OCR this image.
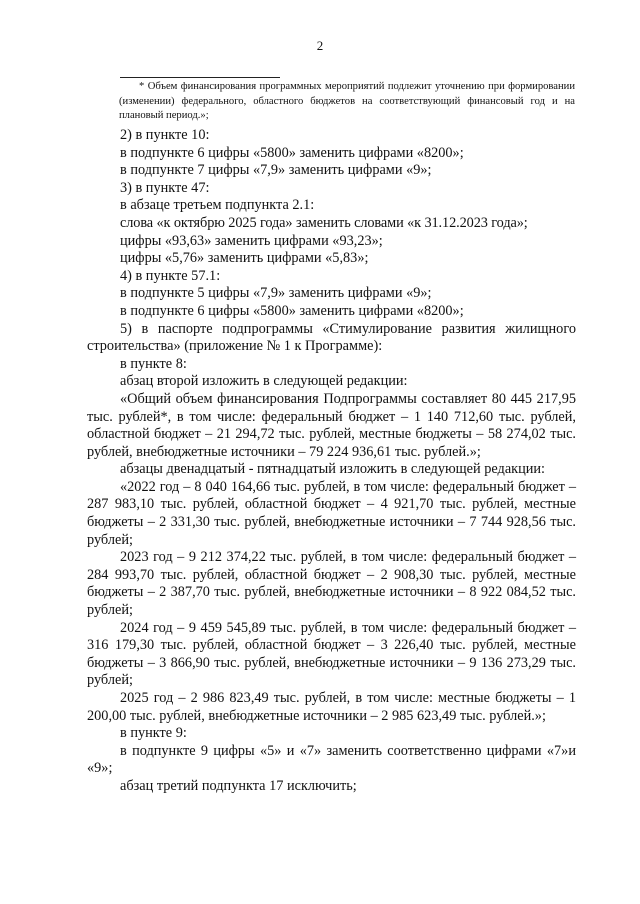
2

* Объем финансирования программных мероприятий подлежит уточнению при формировании (изменении) федерального, областного бюджетов на соответствующий финансовый год и на плановый период.»;

2) в пункте 10:

в подпункте 6 цифры «5800» заменить цифрами «8200»;

в подпункте 7 цифры «7,9» заменить цифрами «9»;

3) в пункте 47:

в абзаце третьем подпункта 2.1:

слова «к октябрю 2025 года» заменить словами «к 31.12.2023 года»;

цифры «93,63» заменить цифрами «93,23»;

цифры «5,76» заменить цифрами «5,83»;

4) в пункте 57.1:

в подпункте 5 цифры «7,9» заменить цифрами «9»;

в подпункте 6 цифры «5800» заменить цифрами «8200»;

5) в паспорте подпрограммы «Стимулирование развития жилищного строительства» (приложение № 1 к Программе):

в пункте 8:

абзац второй изложить в следующей редакции:

«Общий объем финансирования Подпрограммы составляет 80 445 217,95 тыс. рублей*, в том числе: федеральный бюджет – 1 140 712,60 тыс. рублей, областной бюджет – 21 294,72 тыс. рублей, местные бюджеты – 58 274,02 тыс. рублей, внебюджетные источники – 79 224 936,61 тыс. рублей.»;

абзацы двенадцатый - пятнадцатый изложить в следующей редакции:

«2022 год – 8 040 164,66 тыс. рублей, в том числе: федеральный бюджет – 287 983,10 тыс. рублей, областной бюджет – 4 921,70 тыс. рублей, местные бюджеты – 2 331,30 тыс. рублей, внебюджетные источники – 7 744 928,56 тыс. рублей;

2023 год – 9 212 374,22 тыс. рублей, в том числе: федеральный бюджет – 284 993,70 тыс. рублей, областной бюджет – 2 908,30 тыс. рублей, местные бюджеты – 2 387,70 тыс. рублей, внебюджетные источники – 8 922 084,52 тыс. рублей;

2024 год – 9 459 545,89 тыс. рублей, в том числе: федеральный бюджет – 316 179,30 тыс. рублей, областной бюджет – 3 226,40 тыс. рублей, местные бюджеты – 3 866,90 тыс. рублей, внебюджетные источники – 9 136 273,29 тыс. рублей;

2025 год – 2 986 823,49 тыс. рублей, в том числе: местные бюджеты – 1 200,00 тыс. рублей, внебюджетные источники – 2 985 623,49 тыс. рублей.»;

в пункте 9:

в подпункте 9 цифры «5» и «7» заменить соответственно цифрами «7»и «9»;

абзац третий подпункта 17 исключить;
